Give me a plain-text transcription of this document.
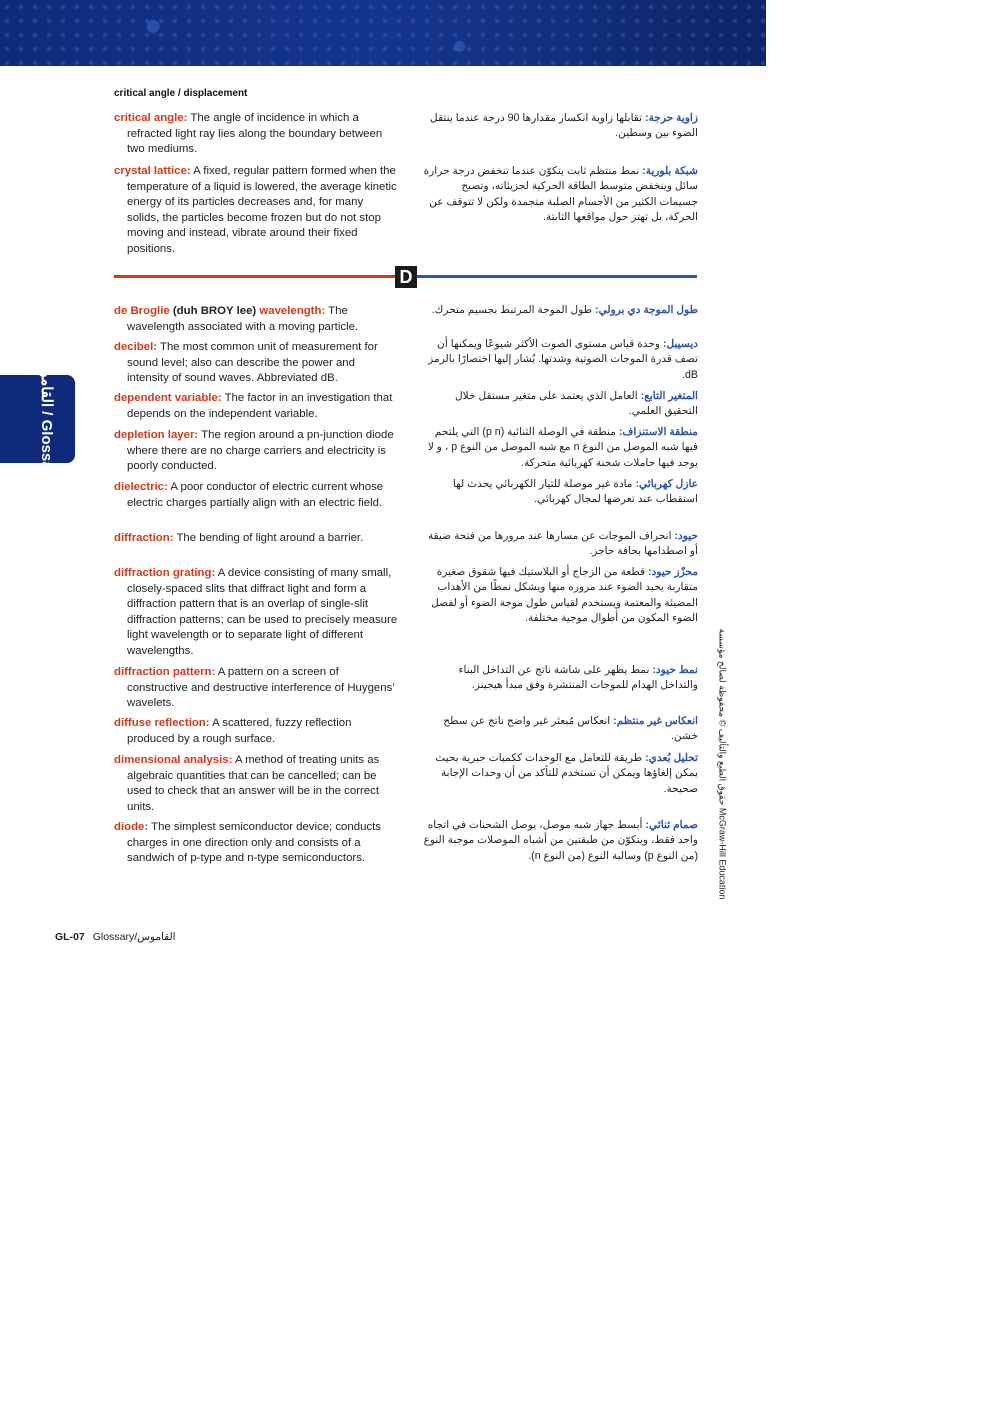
critical angle / displacement
القاموس / Glossary
critical angle: The angle of incidence in which a refracted light ray lies along the boundary between two mediums.
زاوية حرجة: تقابلها زاوية انكسار مقدارها 90 درجة عندما ينتقل الضوء بين وسطين.
crystal lattice: A fixed, regular pattern formed when the temperature of a liquid is lowered, the average kinetic energy of its particles decreases and, for many solids, the particles become frozen but do not stop moving and instead, vibrate around their fixed positions.
شبكة بلورية: نمط منتظم ثابت يتكوّن عندما تنخفض درجة حرارة سائل وينخفض متوسط الطاقة الحركية لجزيئاته، وتصبح جسيمات الكثير من الأجسام الصلبة متجمدة ولكن لا تتوقف عن الحركة، بل تهتز حول مواقعها الثابتة.
D
de Broglie (duh BROY lee) wavelength: The wavelength associated with a moving particle.
decibel: The most common unit of measurement for sound level; also can describe the power and intensity of sound waves. Abbreviated dB.
dependent variable: The factor in an investigation that depends on the independent variable.
depletion layer: The region around a pn-junction diode where there are no charge carriers and electricity is poorly conducted.
dielectric: A poor conductor of electric current whose electric charges partially align with an electric field.
diffraction: The bending of light around a barrier.
diffraction grating: A device consisting of many small, closely-spaced slits that diffract light and form a diffraction pattern that is an overlap of single-slit diffraction patterns; can be used to precisely measure light wavelength or to separate light of different wavelengths.
diffraction pattern: A pattern on a screen of constructive and destructive interference of Huygens’ wavelets.
diffuse reflection: A scattered, fuzzy reflection produced by a rough surface.
dimensional analysis: A method of treating units as algebraic quantities that can be cancelled; can be used to check that an answer will be in the correct units.
diode: The simplest semiconductor device; conducts charges in one direction only and consists of a sandwich of p-type and n-type semiconductors.
طول الموجة دي برولي: طول الموجة المرتبط بجسيم متحرك.
ديسيبل: وحدة قياس مستوى الصوت الأكثر شيوعًا ويمكنها أن تصف قدرة الموجات الصوتية وشدتها. يُشار إليها اختصارًا بالرمز dB.
المتغير التابع: العامل الذي يعتمد على متغير مستقل خلال التحقيق العلمي.
منطقة الاستنزاف: منطقة في الوصلة الثنائية (p n) التي يلتحم فيها شبه الموصل من النوع n مع شبه الموصل من النوع p ، و لا يوجد فيها حاملات شحنة كهربائية متحركة.
عازل كهربائي: مادة غير موصلة للتيار الكهربائي يحدث لها استقطاب عند تعرضها لمجال كهربائي.
حيود: انحراف الموجات عن مسارها عند مرورها من فتحة ضيقة أو اصطدامها بحافة حاجز.
محزّز حيود: قطعة من الزجاج أو البلاستيك فيها شقوق صغيرة متقاربة يحيد الضوء عند مروره منها ويشكل نمطًا من الأهداب المضيئة والمعتمة ويستخدم لقياس طول موجة الضوء أو لفصل الضوء المكون من أطوال موجية مختلفة.
نمط حيود: نمط يظهر على شاشة ناتج عن التداخل البناء والتداخل الهدام للموجات المنتشرة وفق مبدأ هيجينز.
انعكاس غير منتظم: انعكاس مُبعثر غير واضح ناتج عن سطح خشن.
تحليل بُعدي: طريقة للتعامل مع الوحدات ككميات جبرية بحيث يمكن إلغاؤها ويمكن أن تستخدم للتأكد من أن وحدات الإجابة صحيحة.
صمام ثنائي: أبسط جهاز شبه موصل، يوصل الشحنات في اتجاه واحد فقط، ويتكوّن من طبقتين من أشباه الموصلات موجبة النوع (من النوع p) وسالبة النوع (من النوع n).
حقوق الطبع والتأليف © محفوظة لصالح مؤسسة McGraw-Hill Education
GL-07 Glossary/القاموس
